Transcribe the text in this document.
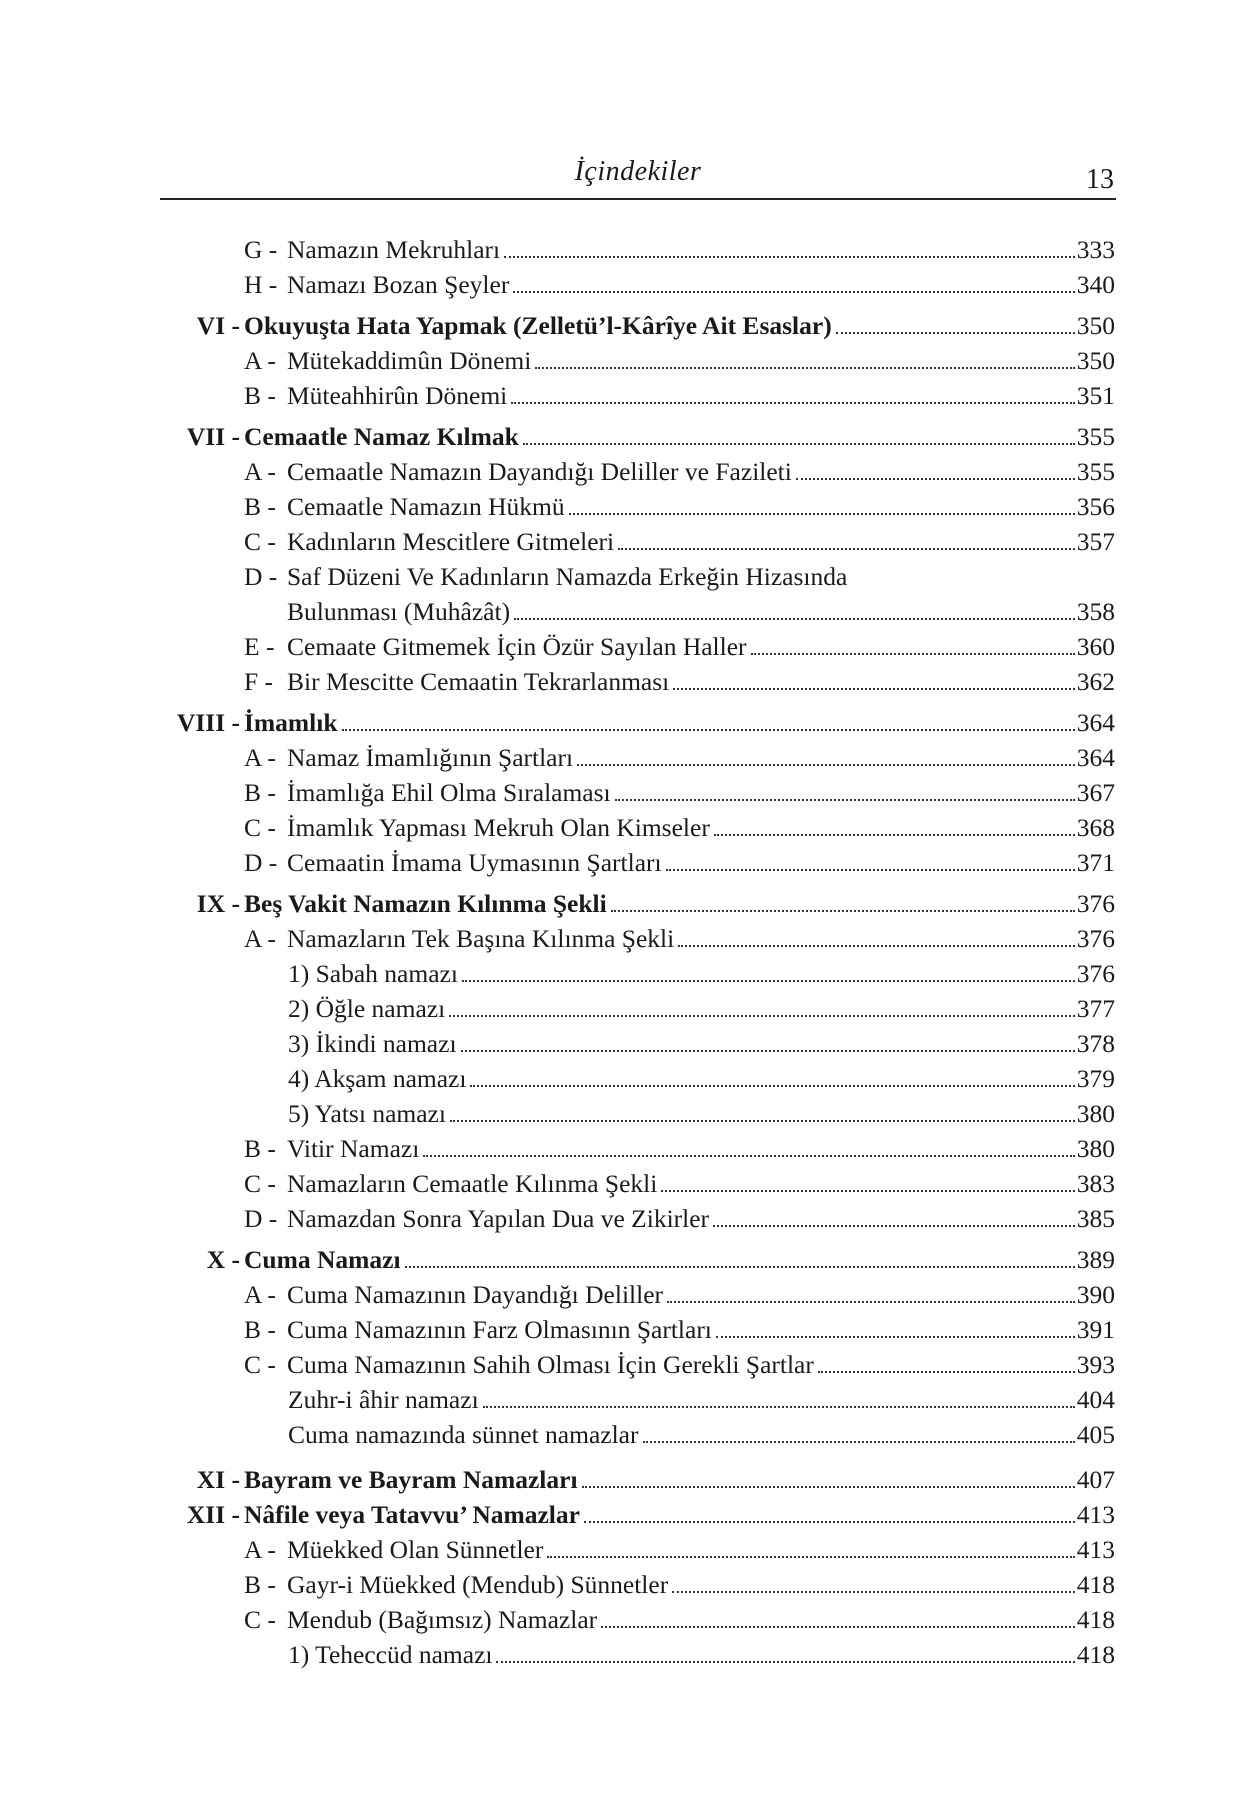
İçindekiler	13
G - Namazın Mekruhları	333
H - Namazı Bozan Şeyler	340
VI - Okuyuşta Hata Yapmak (Zelletü’l-Kârîye Ait Esaslar)	350
A - Mütekaddimûn Dönemi	350
B - Müteahhirûn Dönemi	351
VII - Cemaatle Namaz Kılmak	355
A - Cemaatle Namazın Dayandığı Deliller ve Fazileti	355
B - Cemaatle Namazın Hükmü	356
C - Kadınların Mescitlere Gitmeleri	357
D - Saf Düzeni Ve Kadınların Namazda Erkeğin Hizasında
Bulunması (Muhâzât)	358
E - Cemaate Gitmemek İçin Özür Sayılan Haller	360
F - Bir Mescitte Cemaatin Tekrarlanması	362
VIII - İmamlık	364
A - Namaz İmamlığının Şartları	364
B - İmamlığa Ehil Olma Sıralaması	367
C - İmamlık Yapması Mekruh Olan Kimseler	368
D - Cemaatin İmama Uymasının Şartları	371
IX - Beş Vakit Namazın Kılınma Şekli	376
A - Namazların Tek Başına Kılınma Şekli	376
1) Sabah namazı	376
2) Öğle namazı	377
3) İkindi namazı	378
4) Akşam namazı	379
5) Yatsı namazı	380
B - Vitir Namazı	380
C - Namazların Cemaatle Kılınma Şekli	383
D - Namazdan Sonra Yapılan Dua ve Zikirler	385
X - Cuma Namazı	389
A - Cuma Namazının Dayandığı Deliller	390
B - Cuma Namazının Farz Olmasının Şartları	391
C - Cuma Namazının Sahih Olması İçin Gerekli Şartlar	393
Zuhr-i âhir namazı	404
Cuma namazında sünnet namazlar	405
XI - Bayram ve Bayram Namazları	407
XII - Nâfile veya Tatavvu’ Namazlar	413
A - Müekked Olan Sünnetler	413
B - Gayr-i Müekked (Mendub) Sünnetler	418
C - Mendub (Bağımsız) Namazlar	418
1) Teheccüd namazı	418
